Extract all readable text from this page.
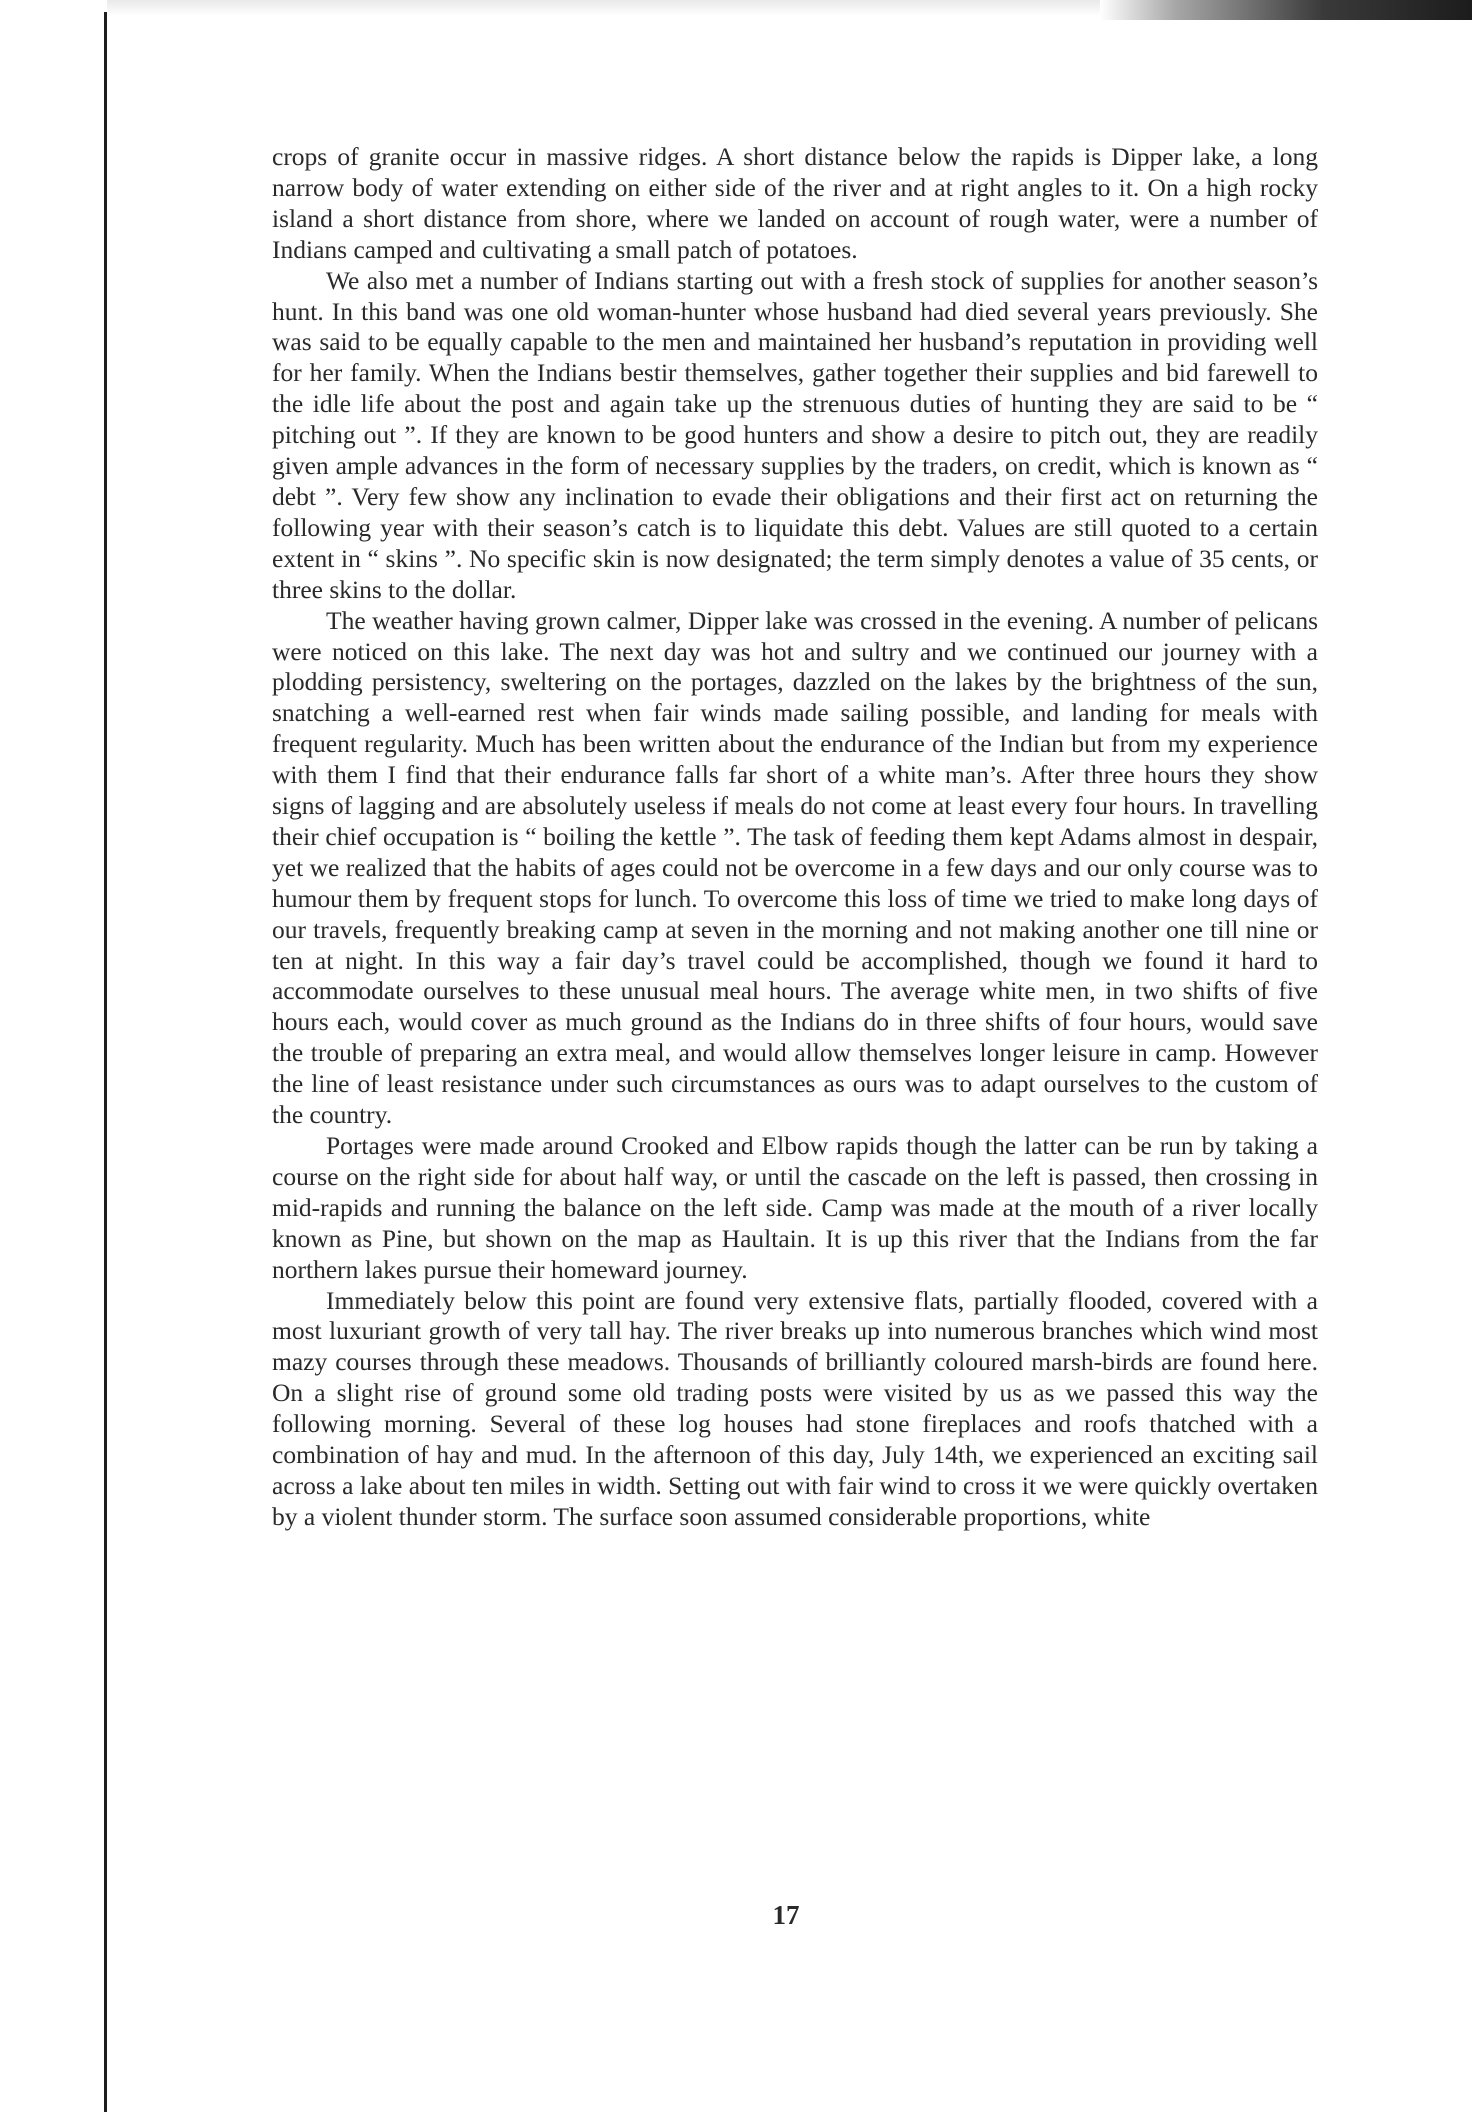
crops of granite occur in massive ridges. A short distance below the rapids is Dipper lake, a long narrow body of water extending on either side of the river and at right angles to it. On a high rocky island a short distance from shore, where we landed on account of rough water, were a number of Indians camped and cultivating a small patch of potatoes.

We also met a number of Indians starting out with a fresh stock of supplies for another season’s hunt. In this band was one old woman-hunter whose husband had died several years previously. She was said to be equally capable to the men and maintained her husband’s reputation in providing well for her family. When the Indians bestir themselves, gather together their supplies and bid farewell to the idle life about the post and again take up the strenuous duties of hunting they are said to be “ pitching out ”. If they are known to be good hunters and show a desire to pitch out, they are readily given ample advances in the form of necessary supplies by the traders, on credit, which is known as “ debt ”. Very few show any inclination to evade their obligations and their first act on returning the following year with their season’s catch is to liquidate this debt. Values are still quoted to a certain extent in “ skins ”. No specific skin is now designated; the term simply denotes a value of 35 cents, or three skins to the dollar.

The weather having grown calmer, Dipper lake was crossed in the evening. A number of pelicans were noticed on this lake. The next day was hot and sultry and we continued our journey with a plodding persistency, sweltering on the portages, dazzled on the lakes by the brightness of the sun, snatching a well-earned rest when fair winds made sailing possible, and landing for meals with frequent regularity. Much has been written about the endurance of the Indian but from my experience with them I find that their endurance falls far short of a white man’s. After three hours they show signs of lagging and are absolutely useless if meals do not come at least every four hours. In travelling their chief occupation is “ boiling the kettle ”. The task of feeding them kept Adams almost in despair, yet we realized that the habits of ages could not be overcome in a few days and our only course was to humour them by frequent stops for lunch. To overcome this loss of time we tried to make long days of our travels, frequently breaking camp at seven in the morning and not making another one till nine or ten at night. In this way a fair day’s travel could be accomplished, though we found it hard to accommodate ourselves to these unusual meal hours. The average white men, in two shifts of five hours each, would cover as much ground as the Indians do in three shifts of four hours, would save the trouble of preparing an extra meal, and would allow themselves longer leisure in camp. However the line of least resistance under such circumstances as ours was to adapt ourselves to the custom of the country.

Portages were made around Crooked and Elbow rapids though the latter can be run by taking a course on the right side for about half way, or until the cascade on the left is passed, then crossing in mid-rapids and running the balance on the left side. Camp was made at the mouth of a river locally known as Pine, but shown on the map as Haultain. It is up this river that the Indians from the far northern lakes pursue their homeward journey.

Immediately below this point are found very extensive flats, partially flooded, covered with a most luxuriant growth of very tall hay. The river breaks up into numerous branches which wind most mazy courses through these meadows. Thousands of brilliantly coloured marsh-birds are found here. On a slight rise of ground some old trading posts were visited by us as we passed this way the following morning. Several of these log houses had stone fireplaces and roofs thatched with a combination of hay and mud. In the afternoon of this day, July 14th, we experienced an exciting sail across a lake about ten miles in width. Setting out with fair wind to cross it we were quickly overtaken by a violent thunder storm. The surface soon assumed considerable proportions, white

17
